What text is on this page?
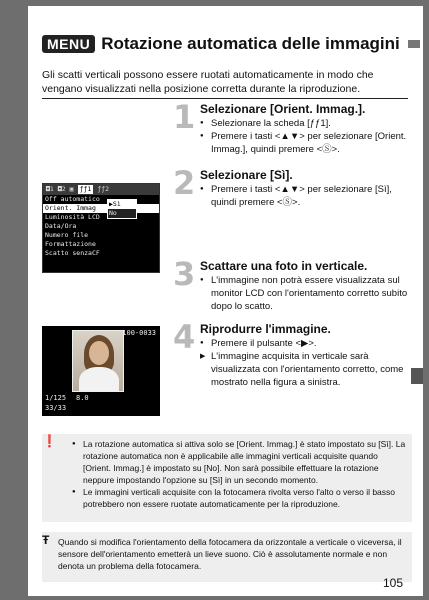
MENU Rotazione automatica delle immagini

Gli scatti verticali possono essere ruotati automaticamente in modo che vengano visualizzati nella posizione corretta durante la riproduzione.

1 Selezionare [Orient. Immag.].
● Selezionare la scheda [ƒƒ1].
● Premere i tasti <▲▼> per selezionare [Orient. Immag.], quindi premere <Ⓢ>.
2 Selezionare [Sì].
● Premere i tasti <▲▼> per selezionare [Sì], quindi premere <Ⓢ>.
3 Scattare una foto in verticale.
● L'immagine non potrà essere visualizzata sul monitor LCD con l'orientamento corretto subito dopo lo scatto.
4 Riprodurre l'immagine.
● Premere il pulsante <▶>.
▶ L'immagine acquisita in verticale sarà visualizzata con l'orientamento corretto, come mostrato nella figura a sinistra.
◘1 ◘2 ▣ ƒƒ1 ƒƒ2
Off automatico
Orient. Immag
Luminosità LCD
Data/Ora
Numero file
Formattazione
Scatto senzaCF
▶Sì
No
100-0033
1/125 8.0
33/33
❗
●	La rotazione automatica si attiva solo se [Orient. Immag.] è stato impostato su [Sì]. La rotazione automatica non è applicabile alle immagini verticali acquisite quando [Orient. Immag.] è impostato su [No]. Non sarà possibile effettuare la rotazione neppure impostando l'opzione su [Sì] in un secondo momento.
● Le immagini verticali acquisite con la fotocamera rivolta verso l'alto o verso il basso potrebbero non essere ruotate automaticamente per la riproduzione.
Ŧ Quando si modifica l'orientamento della fotocamera da orizzontale a verticale o viceversa, il sensore dell'orientamento emetterà un lieve suono. Ciò è assolutamente normale e non denota un problema della fotocamera.

105
